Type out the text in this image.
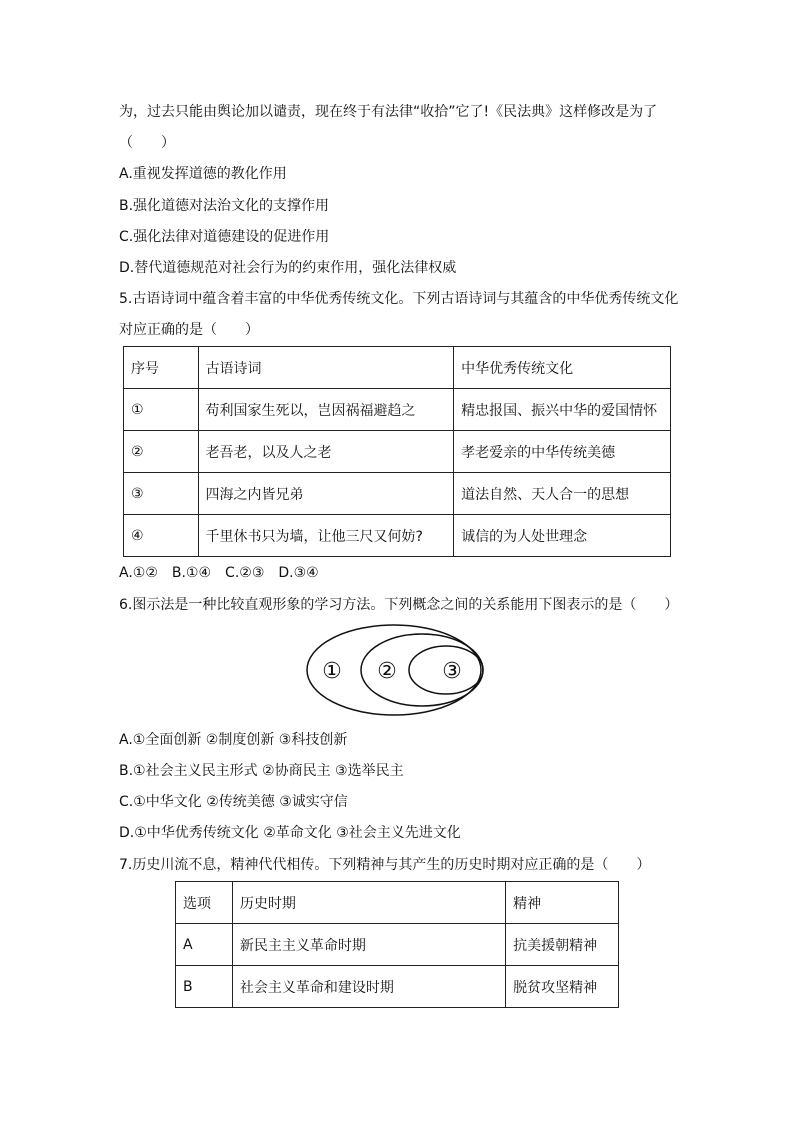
为，过去只能由舆论加以谴责，现在终于有法律“收拾”它了!《民法典》这样修改是为了
（　　）
A.重视发挥道德的教化作用
B.强化道德对法治文化的支撑作用
C.强化法律对道德建设的促进作用
D.替代道德规范对社会行为的约束作用，强化法律权威
5.古语诗词中蕴含着丰富的中华优秀传统文化。下列古语诗词与其蕴含的中华优秀传统文化
对应正确的是（　　）
序号	古语诗词	中华优秀传统文化
①	苟利国家生死以，岂因祸福避趋之	精忠报国、振兴中华的爱国情怀
②	老吾老，以及人之老	孝老爱亲的中华传统美德
③	四海之内皆兄弟	道法自然、天人合一的思想
④	千里休书只为墙，让他三尺又何妨?	诚信的为人处世理念
A.①②　B.①④　C.②③　D.③④
6.图示法是一种比较直观形象的学习方法。下列概念之间的关系能用下图表示的是（　　）
① ② ③
A.①全面创新 ②制度创新 ③科技创新
B.①社会主义民主形式 ②协商民主 ③选举民主
C.①中华文化 ②传统美德 ③诚实守信
D.①中华优秀传统文化 ②革命文化 ③社会主义先进文化
7.历史川流不息，精神代代相传。下列精神与其产生的历史时期对应正确的是（　　）
选项	历史时期	精神
A	新民主主义革命时期	抗美援朝精神
B	社会主义革命和建设时期	脱贫攻坚精神
